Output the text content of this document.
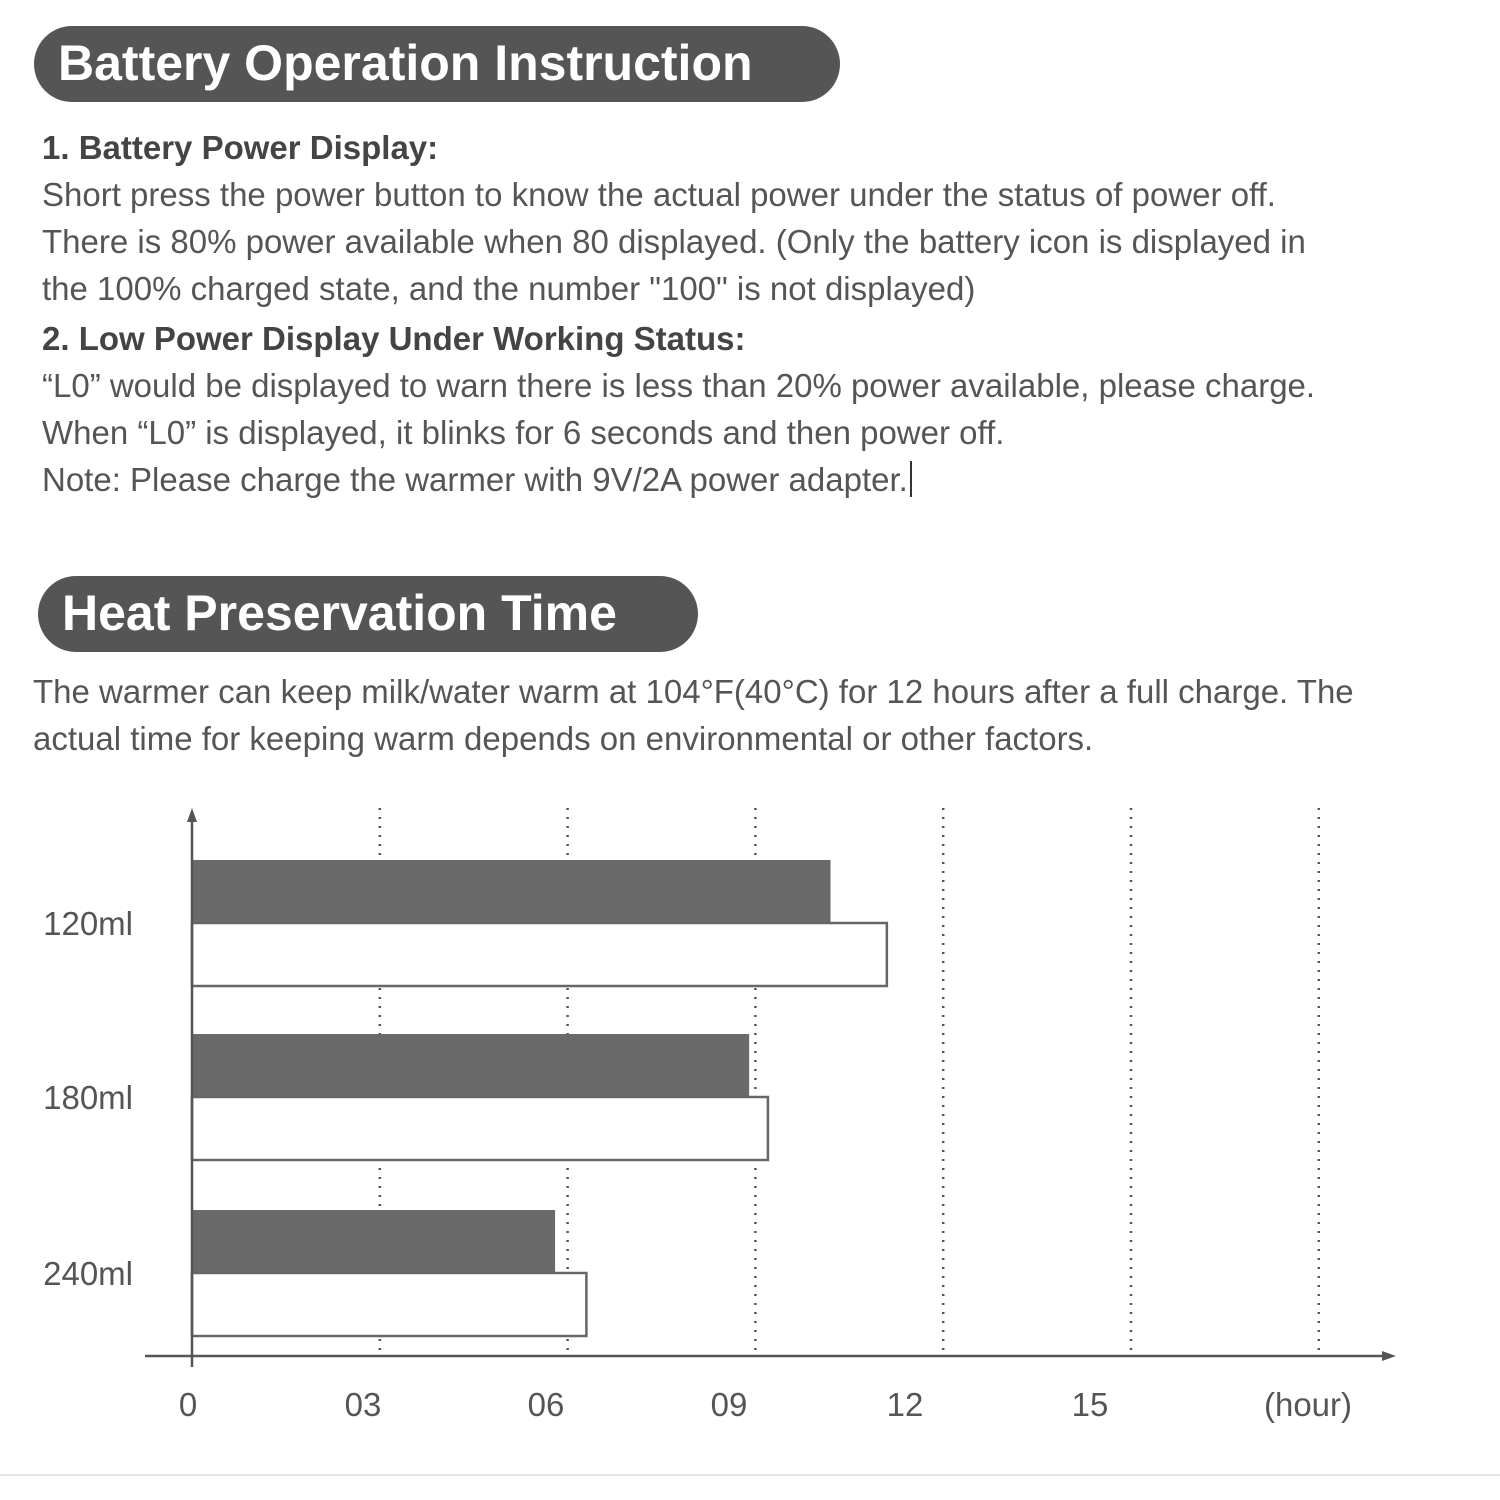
Battery Operation Instruction
1. Battery Power Display:
Short press the power button to know the actual power under the status of power off.
There is 80% power available when 80 displayed. (Only the battery icon is displayed in
the 100% charged state, and the number "100" is not displayed)
2. Low Power Display Under Working Status:
“L0” would be displayed to warn there is less than 20% power available, please charge.
When “L0” is displayed, it blinks for 6 seconds and then power off.
Note: Please charge the warmer with 9V/2A power adapter.
Heat Preservation Time
The warmer can keep milk/water warm at 104°F(40°C) for 12 hours after a full charge. The
actual time for keeping warm depends on environmental or other factors.
120ml
180ml
240ml
0	03	06	09	12	15	(hour)
